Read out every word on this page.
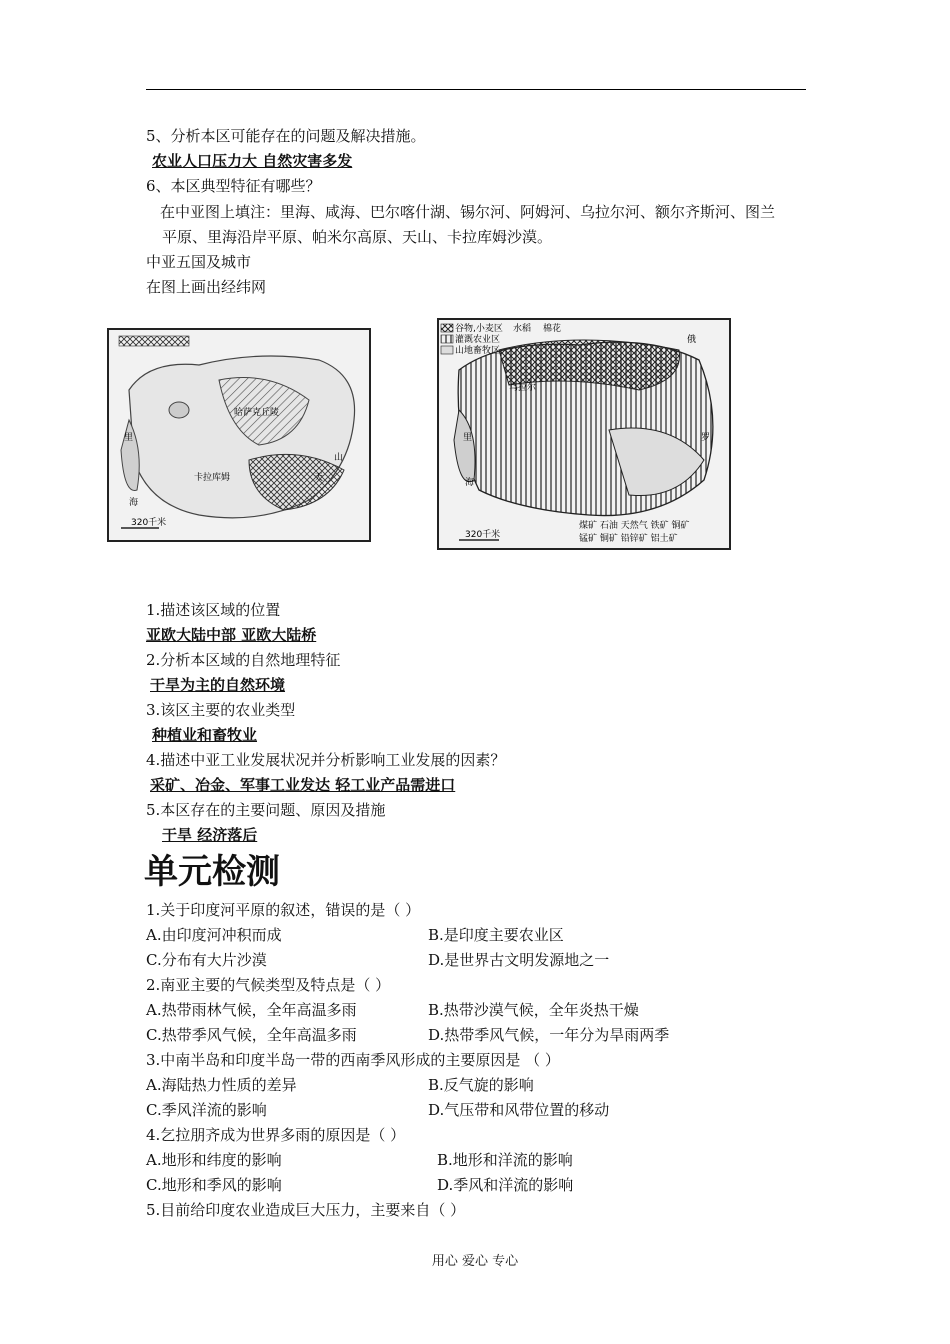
5、分析本区可能存在的问题及解决措施。
农业人口压力大 自然灾害多发
6、本区典型特征有哪些？
在中亚图上填注：里海、咸海、巴尔喀什湖、锡尔河、阿姆河、乌拉尔河、额尔齐斯河、图兰
平原、里海沿岸平原、帕米尔高原、天山、卡拉库姆沙漠。
中亚五国及城市
在图上画出经纬网
哈萨克丘陵
卡拉库姆	天
山
里
海
320千米
谷物,小麦区 水稻 棉花
灌溉农业区
山地畜牧区
俄
乌拉尔
里
海
罗
320千米
煤矿 石油 天然气 铁矿 铜矿
锰矿 铜矿 铅锌矿 铝土矿
1.描述该区域的位置
亚欧大陆中部 亚欧大陆桥
2.分析本区域的自然地理特征
干旱为主的自然环境
3.该区主要的农业类型
种植业和畜牧业
4.描述中亚工业发展状况并分析影响工业发展的因素？
采矿、冶金、军事工业发达 轻工业产品需进口
5.本区存在的主要问题、原因及措施
干旱 经济落后
单元检测
1.关于印度河平原的叙述，错误的是（ ）
A.由印度河冲积而成	B.是印度主要农业区
C.分布有大片沙漠	D.是世界古文明发源地之一
2.南亚主要的气候类型及特点是（ ）
A.热带雨林气候，全年高温多雨	B.热带沙漠气候，全年炎热干燥
C.热带季风气候，全年高温多雨	D.热带季风气候，一年分为旱雨两季
3.中南半岛和印度半岛一带的西南季风形成的主要原因是 （ ）
A.海陆热力性质的差异	B.反气旋的影响
C.季风洋流的影响	D.气压带和风带位置的移动
4.乞拉朋齐成为世界多雨的原因是（ ）
A.地形和纬度的影响	B.地形和洋流的影响
C.地形和季风的影响	D.季风和洋流的影响
5.目前给印度农业造成巨大压力，主要来自（ ）
用心 爱心 专心
